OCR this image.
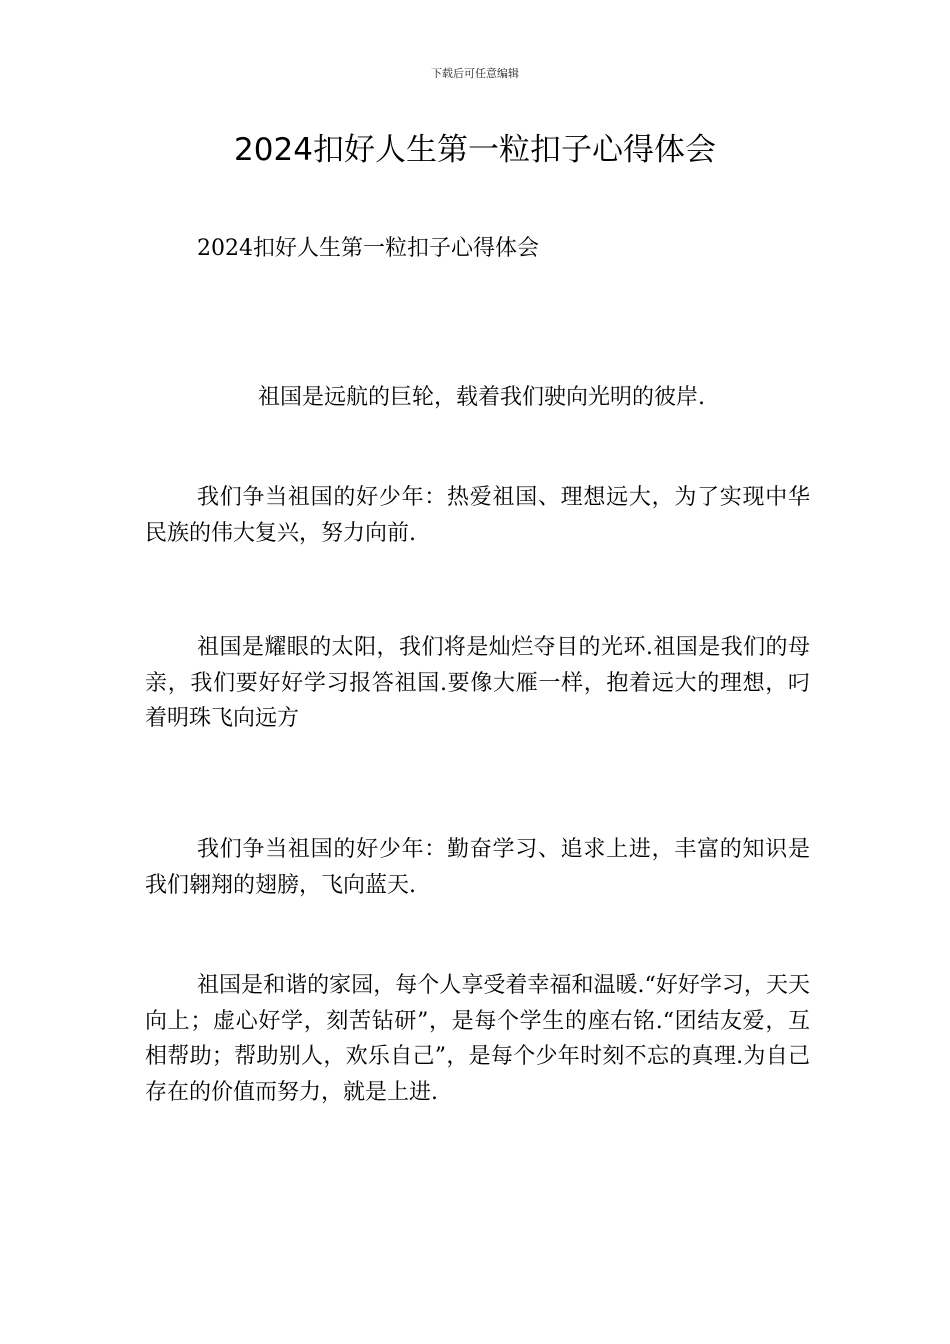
下载后可任意编辑
2024扣好人生第一粒扣子心得体会
2024扣好人生第一粒扣子心得体会
祖国是远航的巨轮，载着我们驶向光明的彼岸.

我们争当祖国的好少年：热爱祖国、理想远大，为了实现中华民族的伟大复兴，努力向前.

祖国是耀眼的太阳，我们将是灿烂夺目的光环.祖国是我们的母亲，我们要好好学习报答祖国.要像大雁一样，抱着远大的理想，叼着明珠飞向远方

我们争当祖国的好少年：勤奋学习、追求上进，丰富的知识是我们翱翔的翅膀，飞向蓝天.

祖国是和谐的家园，每个人享受着幸福和温暖.“好好学习，天天向上；虚心好学，刻苦钻研”，是每个学生的座右铭.“团结友爱，互相帮助；帮助别人，欢乐自己”，是每个少年时刻不忘的真理.为自己存在的价值而努力，就是上进.
